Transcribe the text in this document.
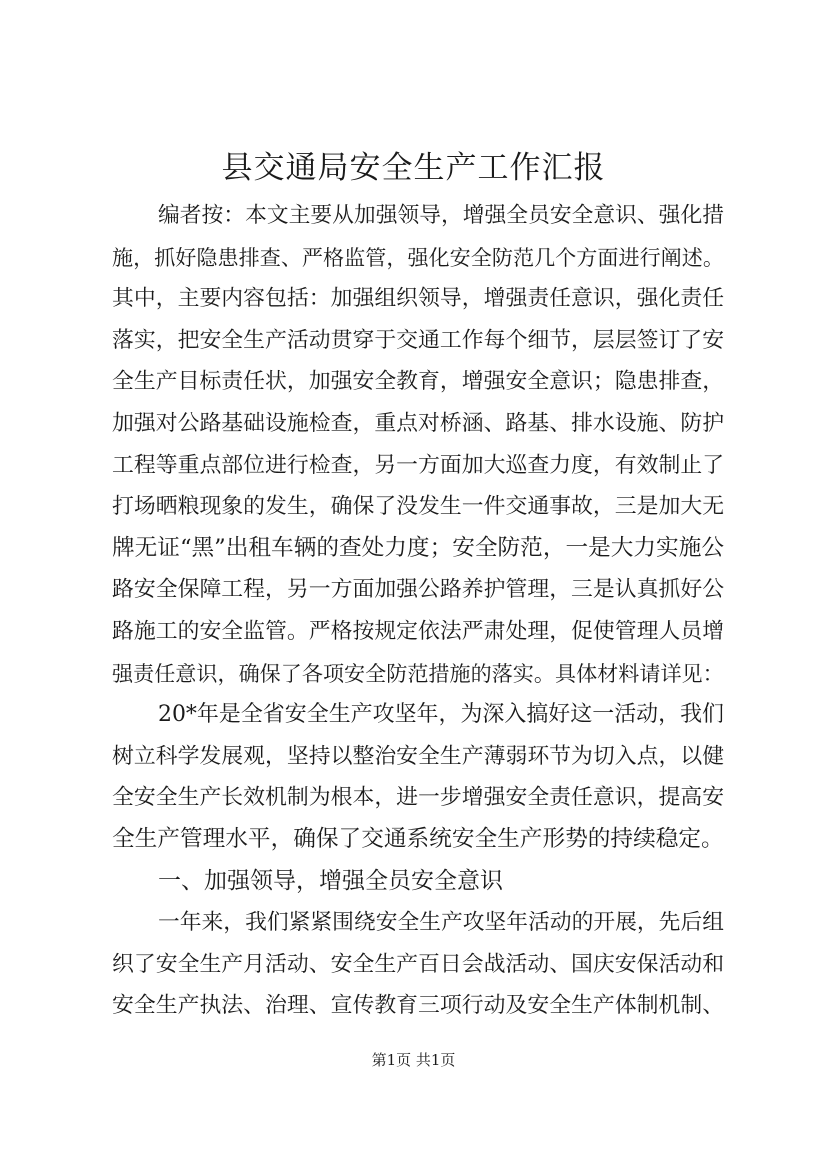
县交通局安全生产工作汇报
编者按：本文主要从加强领导，增强全员安全意识、强化措
施，抓好隐患排查、严格监管，强化安全防范几个方面进行阐述。
其中，主要内容包括：加强组织领导，增强责任意识，强化责任
落实，把安全生产活动贯穿于交通工作每个细节，层层签订了安
全生产目标责任状，加强安全教育，增强安全意识；隐患排查，
加强对公路基础设施检查，重点对桥涵、路基、排水设施、防护
工程等重点部位进行检查，另一方面加大巡查力度，有效制止了
打场晒粮现象的发生，确保了没发生一件交通事故，三是加大无
牌无证“黑”出租车辆的查处力度；安全防范，一是大力实施公
路安全保障工程，另一方面加强公路养护管理，三是认真抓好公
路施工的安全监管。严格按规定依法严肃处理，促使管理人员增
强责任意识，确保了各项安全防范措施的落实。具体材料请详见：
20*年是全省安全生产攻坚年，为深入搞好这一活动，我们
树立科学发展观，坚持以整治安全生产薄弱环节为切入点，以健
全安全生产长效机制为根本，进一步增强安全责任意识，提高安
全生产管理水平，确保了交通系统安全生产形势的持续稳定。
一、加强领导，增强全员安全意识
一年来，我们紧紧围绕安全生产攻坚年活动的开展，先后组
织了安全生产月活动、安全生产百日会战活动、国庆安保活动和
安全生产执法、治理、宣传教育三项行动及安全生产体制机制、
第1页 共1页
